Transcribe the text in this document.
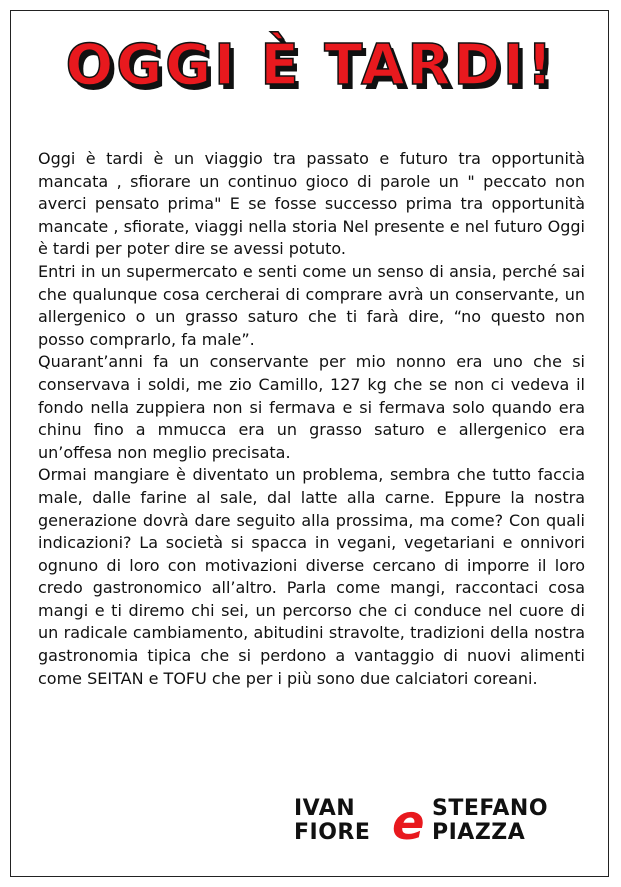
OGGI È TARDI!

Oggi è tardi è un viaggio tra passato e futuro tra opportunità mancata , sfiorare un continuo gioco di parole un " peccato non averci pensato prima" E se fosse successo prima tra opportunità mancate , sfiorate, viaggi nella storia Nel presente e nel futuro Oggi è tardi per poter dire se avessi potuto.

Entri in un supermercato e senti come un senso di ansia, perché sai che qualunque cosa cercherai di comprare avrà un conservante, un allergenico o un grasso saturo che ti farà dire, “no questo non posso comprarlo, fa male”.

Quarant’anni fa un conservante per mio nonno era uno che si conservava i soldi, me zio Camillo, 127 kg che se non ci vedeva il fondo nella zuppiera non si fermava e si fermava solo quando era chinu fino a mmucca era un grasso saturo e allergenico era un’offesa non meglio precisata.

Ormai mangiare è diventato un problema, sembra che tutto faccia male, dalle farine al sale, dal latte alla carne. Eppure la nostra generazione dovrà dare seguito alla prossima, ma come? Con quali indicazioni? La società si spacca in vegani, vegetariani e onnivori ognuno di loro con motivazioni diverse cercano di imporre il loro credo gastronomico all’altro. Parla come mangi, raccontaci cosa mangi e ti diremo chi sei, un percorso che ci conduce nel cuore di un radicale cambiamento, abitudini stravolte, tradizioni della nostra gastronomia tipica che si perdono a vantaggio di nuovi alimenti come SEITAN e TOFU che per i più sono due calciatori coreani.

IVAN
FIORE e STEFANO
PIAZZA
